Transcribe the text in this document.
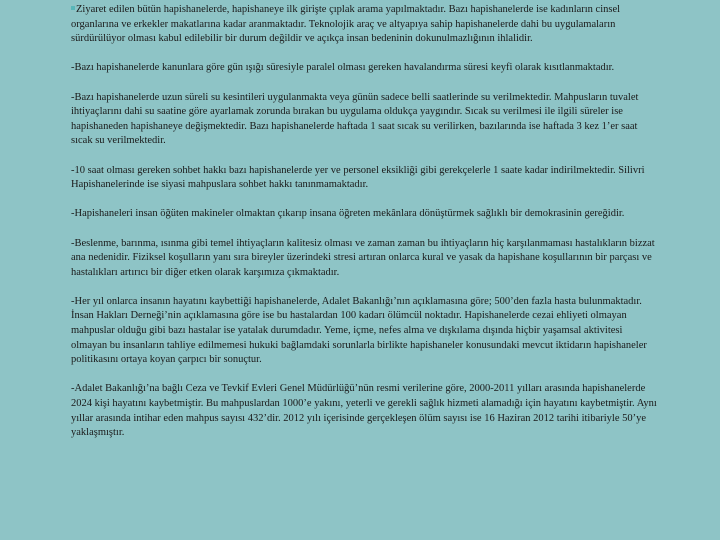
Ziyaret edilen bütün hapishanelerde, hapishaneye ilk girişte çıplak arama yapılmaktadır. Bazı hapishanelerde ise kadınların cinsel organlarına ve erkekler makatlarına kadar aranmaktadır. Teknolojik araç ve altyapıya sahip hapishanelerde dahi bu uygulamaların sürdürülüyor olması kabul edilebilir bir durum değildir ve açıkça insan bedeninin dokunulmazlığının ihlalidir.

-Bazı hapishanelerde kanunlara göre gün ışığı süresiyle paralel olması gereken havalandırma süresi keyfi olarak kısıtlanmaktadır.

-Bazı hapishanelerde uzun süreli su kesintileri uygulanmakta veya günün sadece belli saatlerinde su verilmektedir. Mahpusların tuvalet ihtiyaçlarını dahi su saatine göre ayarlamak zorunda bırakan bu uygulama oldukça yaygındır. Sıcak su verilmesi ile ilgili süreler ise hapishaneden hapishaneye değişmektedir. Bazı hapishanelerde haftada 1 saat sıcak su verilirken, bazılarında ise haftada 3 kez 1’er saat sıcak su verilmektedir.

-10 saat olması gereken sohbet hakkı bazı hapishanelerde yer ve personel eksikliği gibi gerekçelerle 1 saate kadar indirilmektedir. Silivri Hapishanelerinde ise siyasi mahpuslara sohbet hakkı tanınmamaktadır.

-Hapishaneleri insan öğüten makineler olmaktan çıkarıp insana öğreten mekânlara dönüştürmek sağlıklı bir demokrasinin gereğidir.

-Beslenme, barınma, ısınma gibi temel ihtiyaçların kalitesiz olması ve zaman zaman bu ihtiyaçların hiç karşılanmaması hastalıkların bizzat ana nedenidir. Fiziksel koşulların yanı sıra bireyler üzerindeki stresi artıran onlarca kural ve yasak da hapishane koşullarının bir parçası ve hastalıkları artırıcı bir diğer etken olarak karşımıza çıkmaktadır.

-Her yıl onlarca insanın hayatını kaybettiği hapishanelerde, Adalet Bakanlığı’nın açıklamasına göre; 500’den fazla hasta bulunmaktadır. İnsan Hakları Derneği’nin açıklamasına göre ise bu hastalardan 100 kadarı ölümcül noktadır. Hapishanelerde cezai ehliyeti olmayan mahpuslar olduğu gibi bazı hastalar ise yatalak durumdadır. Yeme, içme, nefes alma ve dışkılama dışında hiçbir yaşamsal aktivitesi olmayan bu insanların tahliye edilmemesi hukuki bağlamdaki sorunlarla birlikte hapishaneler konusundaki mevcut iktidarın hapishaneler politikasını ortaya koyan çarpıcı bir sonuçtur.

-Adalet Bakanlığı’na bağlı Ceza ve Tevkif Evleri Genel Müdürlüğü’nün resmi verilerine göre, 2000-2011 yılları arasında hapishanelerde 2024 kişi hayatını kaybetmiştir. Bu mahpuslardan 1000’e yakını, yeterli ve gerekli sağlık hizmeti alamadığı için hayatını kaybetmiştir. Aynı yıllar arasında intihar eden mahpus sayısı 432’dir. 2012 yılı içerisinde gerçekleşen ölüm sayısı ise 16 Haziran 2012 tarihi itibariyle 50’ye yaklaşmıştır.
